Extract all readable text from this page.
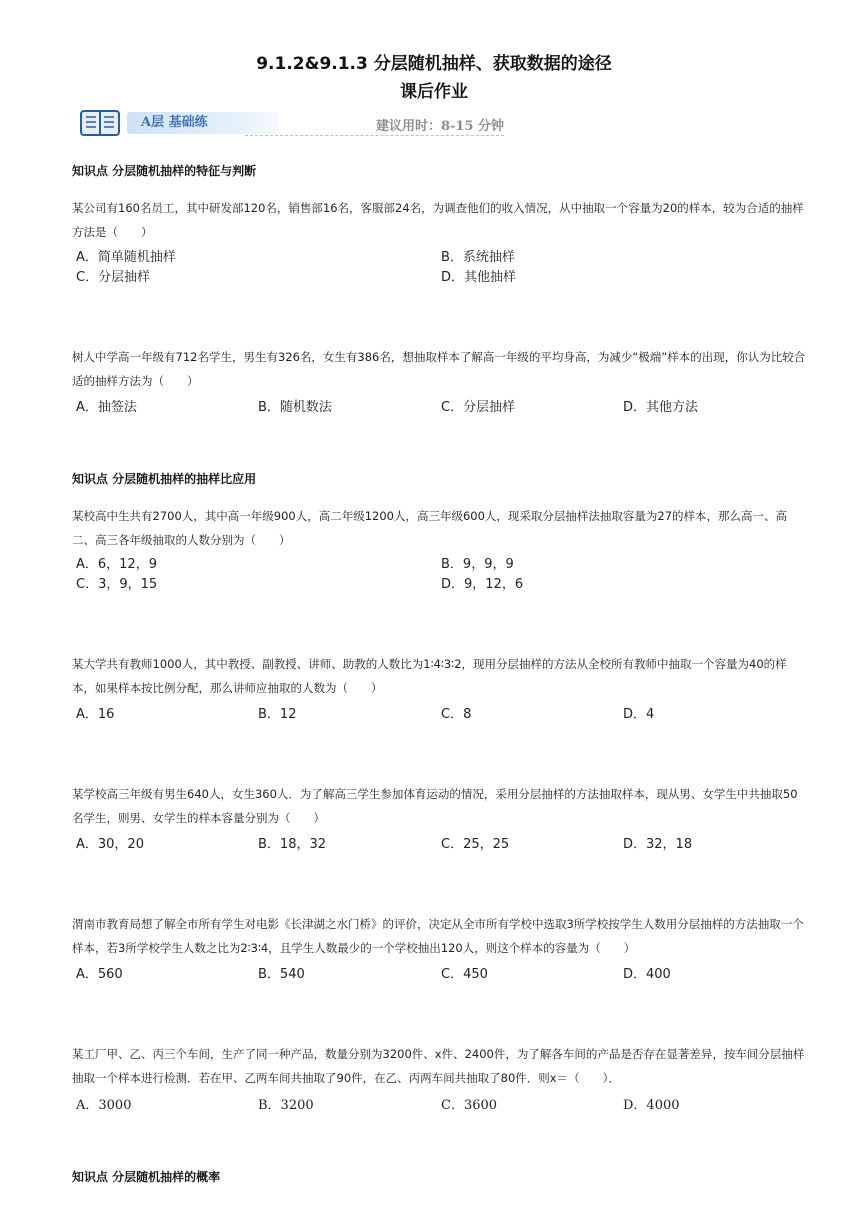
9.1.2&9.1.3 分层随机抽样、获取数据的途径
课后作业
A层 基础练	建议用时：8-15 分钟
知识点 分层随机抽样的特征与判断
某公司有160名员工，其中研发部120名，销售部16名，客服部24名，为调查他们的收入情况，从中抽取一个容量为20的样本，较为合适的抽样方法是（　　）
A．简单随机抽样	B．系统抽样
C．分层抽样	D．其他抽样
树人中学高一年级有712名学生，男生有326名，女生有386名，想抽取样本了解高一年级的平均身高，为减少“极端”样本的出现，你认为比较合适的抽样方法为（　　）
A．抽签法	B．随机数法	C．分层抽样	D．其他方法
知识点 分层随机抽样的抽样比应用
某校高中生共有2700人，其中高一年级900人，高二年级1200人，高三年级600人，现采取分层抽样法抽取容量为27的样本，那么高一、高二、高三各年级抽取的人数分别为（　　）
A．6，12，9	B．9，9，9
C．3，9，15	D．9，12，6
某大学共有教师1000人，其中教授、副教授、讲师、助教的人数比为1∶4∶3∶2，现用分层抽样的方法从全校所有教师中抽取一个容量为40的样本，如果样本按比例分配，那么讲师应抽取的人数为（　　）
A．16	B．12	C．8	D．4
某学校高三年级有男生640人，女生360人．为了解高三学生参加体育运动的情况，采用分层抽样的方法抽取样本，现从男、女学生中共抽取50名学生，则男、女学生的样本容量分别为（　　）
A．30，20	B．18，32	C．25，25	D．32，18
渭南市教育局想了解全市所有学生对电影《长津湖之水门桥》的评价，决定从全市所有学校中选取3所学校按学生人数用分层抽样的方法抽取一个样本，若3所学校学生人数之比为2∶3∶4，且学生人数最少的一个学校抽出120人，则这个样本的容量为（　　）
A．560	B．540	C．450	D．400
某工厂甲、乙、丙三个车间，生产了同一种产品，数量分别为3200件、x件、2400件，为了解各车间的产品是否存在显著差异，按车间分层抽样抽取一个样本进行检测．若在甲、乙两车间共抽取了90件，在乙、丙两车间共抽取了80件．则x＝（　　）．
A．3000	B．3200	C．3600	D．4000
知识点 分层随机抽样的概率
